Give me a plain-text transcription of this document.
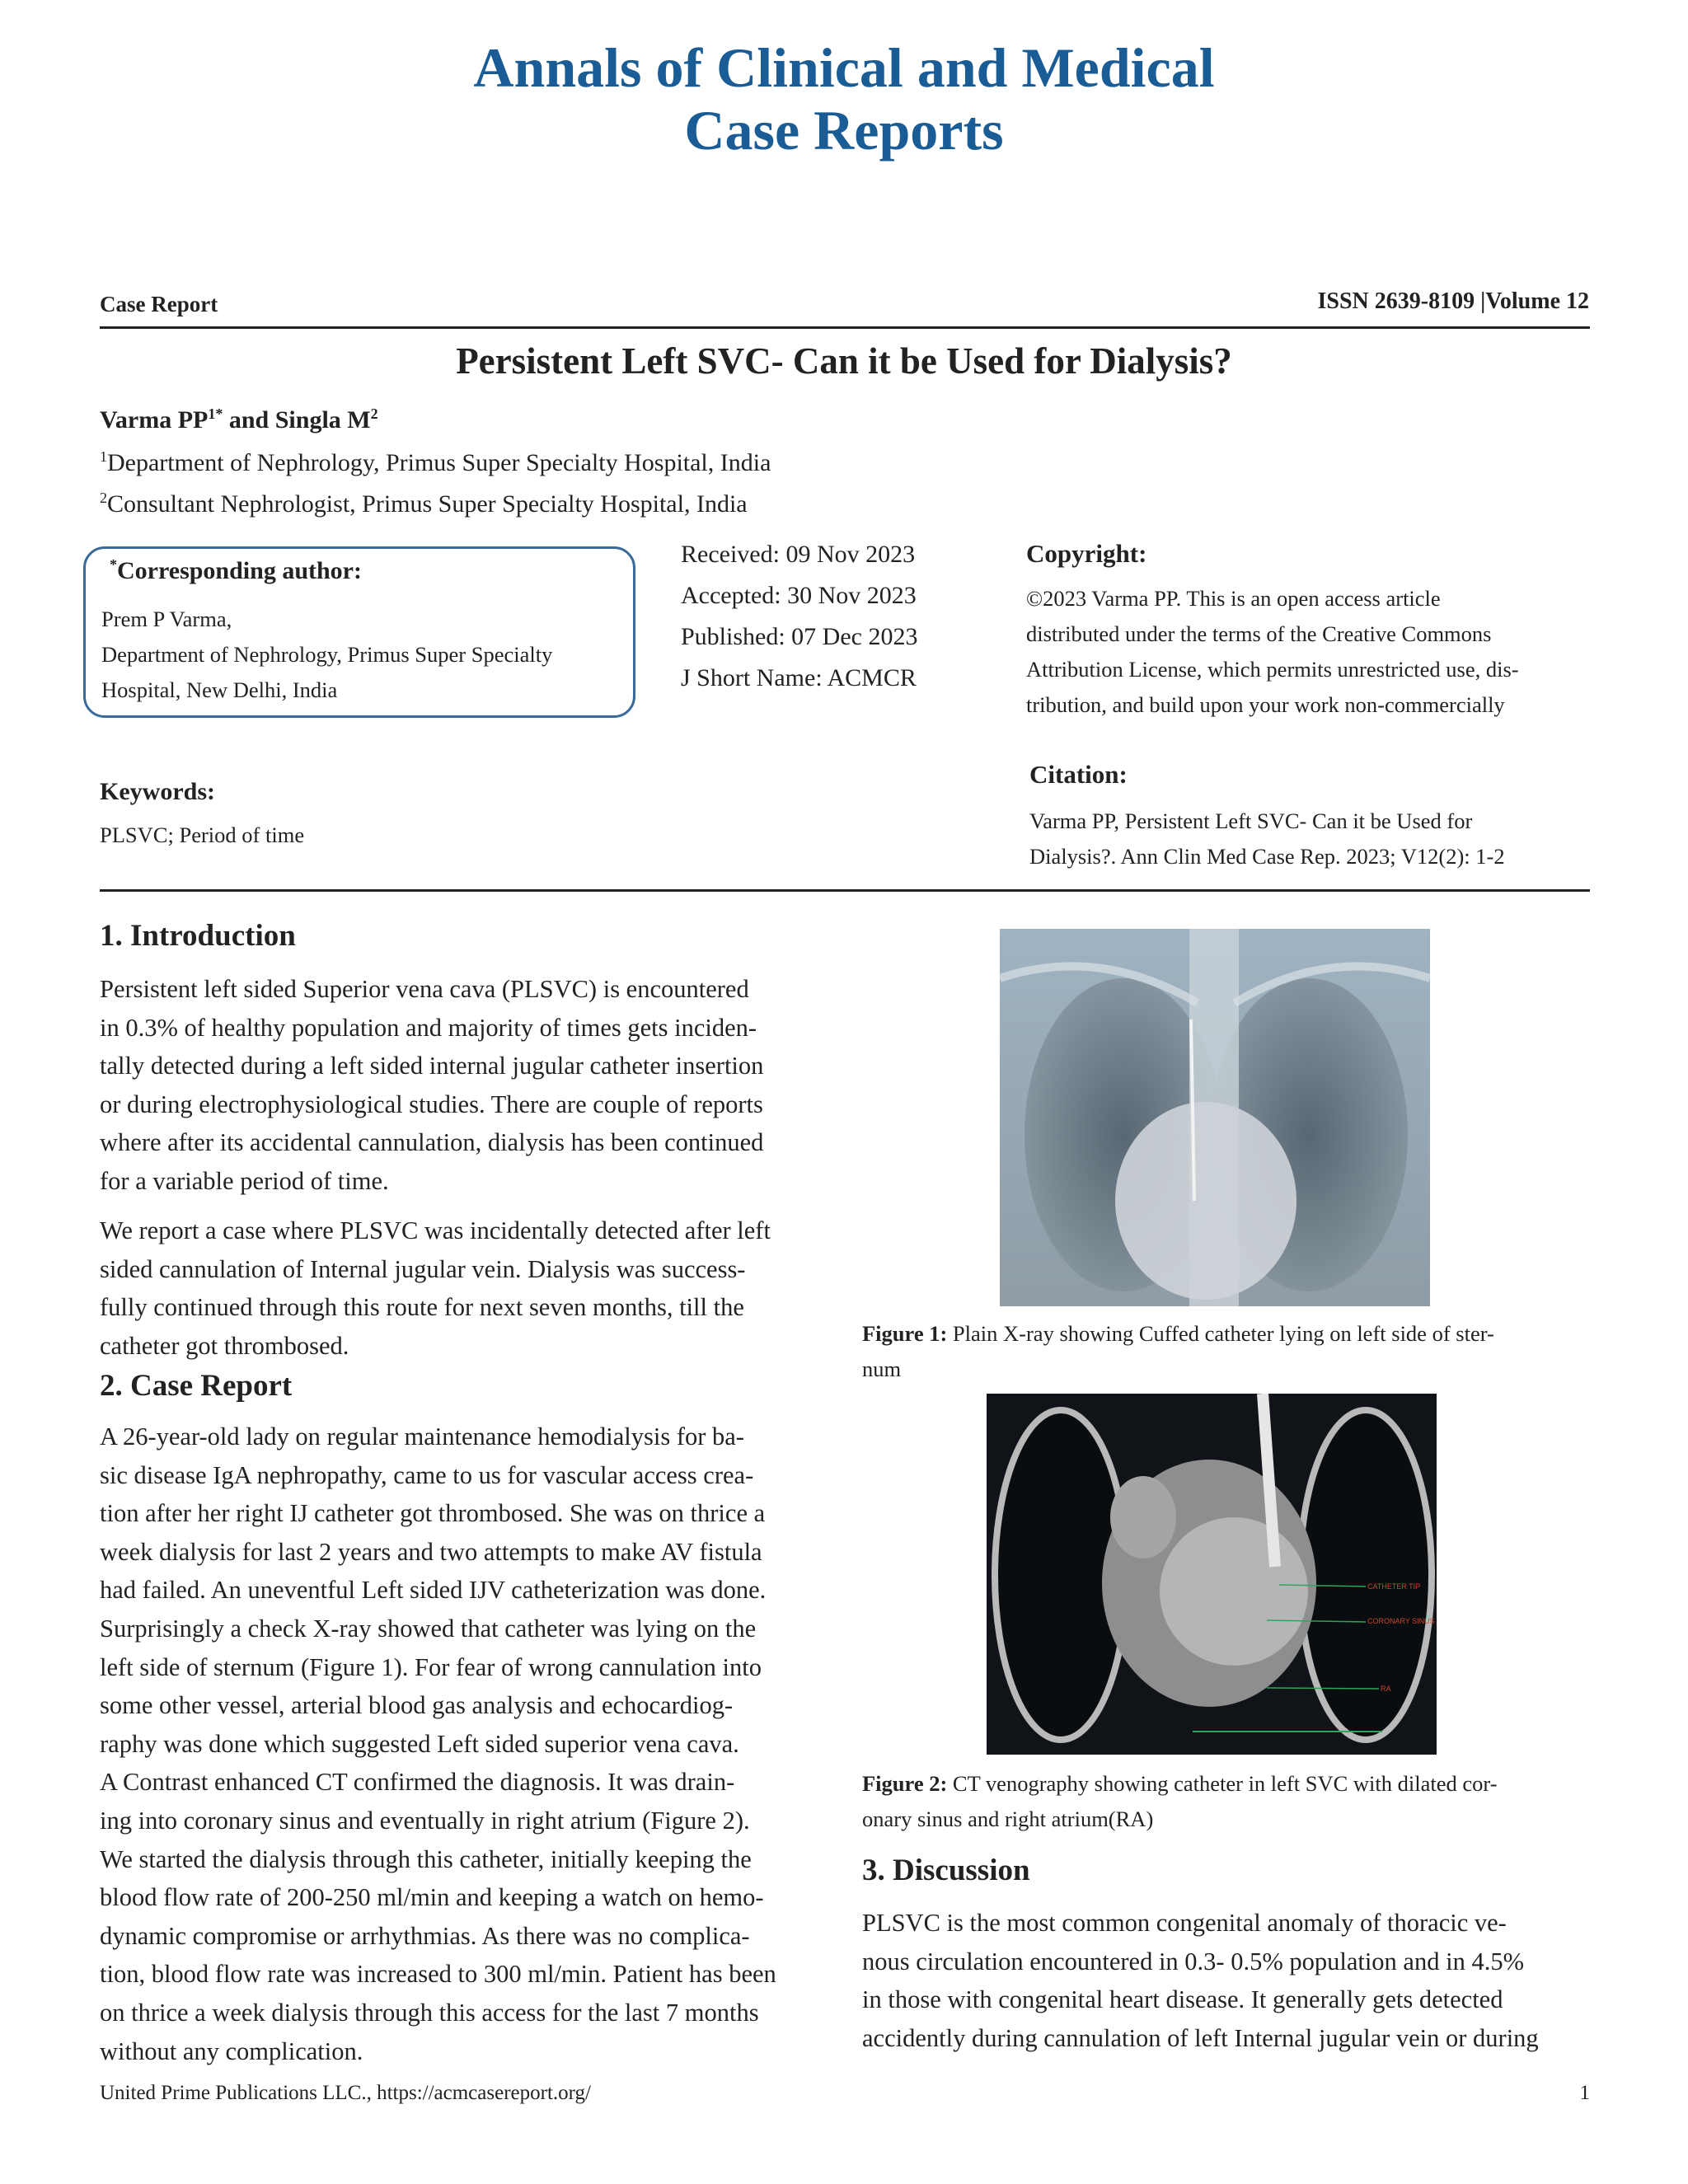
Annals of Clinical and Medical
Case Reports
Case Report	ISSN 2639-8109 |Volume 12
Persistent Left SVC- Can it be Used for Dialysis?
Varma $PP^{1*}$ and Singla $M^2$
$^1$Department of Nephrology, Primus Super Specialty Hospital, India
$^2$Consultant Nephrologist, Primus Super Specialty Hospital, India
*Corresponding author:
Prem P Varma,
Department of Nephrology, Primus Super Specialty
Hospital, New Delhi, India
Received: 09 Nov 2023
Accepted: 30 Nov 2023
Published: 07 Dec 2023
J Short Name: ACMCR
Copyright:
©2023 Varma PP. This is an open access article
distributed under the terms of the Creative Commons
Attribution License, which permits unrestricted use, dis-
tribution, and build upon your work non-commercially
Keywords:
PLSVC; Period of time
Citation:
Varma PP, Persistent Left SVC- Can it be Used for
Dialysis?. Ann Clin Med Case Rep. 2023; V12(2): 1-2
1. Introduction
Persistent left sided Superior vena cava (PLSVC) is encountered
in 0.3% of healthy population and majority of times gets inciden-
tally detected during a left sided internal jugular catheter insertion
or during electrophysiological studies. There are couple of reports
where after its accidental cannulation, dialysis has been continued
for a variable period of time.
We report a case where PLSVC was incidentally detected after left
sided cannulation of Internal jugular vein. Dialysis was success-
fully continued through this route for next seven months, till the
catheter got thrombosed.
2. Case Report
A 26-year-old lady on regular maintenance hemodialysis for ba-
sic disease IgA nephropathy, came to us for vascular access crea-
tion after her right IJ catheter got thrombosed. She was on thrice a
week dialysis for last 2 years and two attempts to make AV fistula
had failed. An uneventful Left sided IJV catheterization was done.
Surprisingly a check X-ray showed that catheter was lying on the
left side of sternum (Figure 1). For fear of wrong cannulation into
some other vessel, arterial blood gas analysis and echocardiog-
raphy was done which suggested Left sided superior vena cava.
A Contrast enhanced CT confirmed the diagnosis. It was drain-
ing into coronary sinus and eventually in right atrium (Figure 2).
We started the dialysis through this catheter, initially keeping the
blood flow rate of 200-250 ml/min and keeping a watch on hemo-
dynamic compromise or arrhythmias. As there was no complica-
tion, blood flow rate was increased to 300 ml/min. Patient has been
on thrice a week dialysis through this access for the last 7 months
without any complication.
Figure 1: Plain X-ray showing Cuffed catheter lying on left side of ster-
num
CATHETER TIP
CORONARY SINUS
RA
Figure 2: CT venography showing catheter in left SVC with dilated cor-
onary sinus and right atrium(RA)
3. Discussion
PLSVC is the most common congenital anomaly of thoracic ve-
nous circulation encountered in 0.3- 0.5% population and in 4.5%
in those with congenital heart disease. It generally gets detected
accidently during cannulation of left Internal jugular vein or during
United Prime Publications LLC., https://acmcasereport.org/	1
